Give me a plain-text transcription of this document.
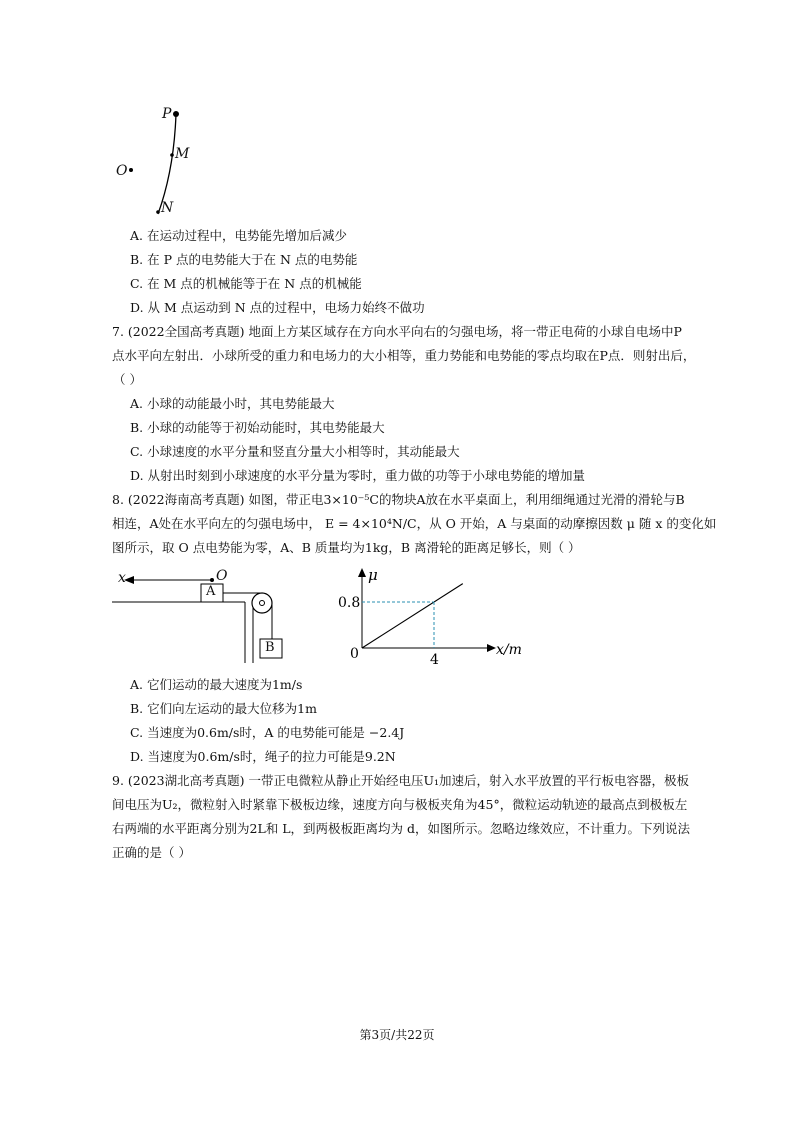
P
M
O
N
A. 在运动过程中，电势能先增加后减少
B. 在 P 点的电势能大于在 N 点的电势能
C. 在 M 点的机械能等于在 N 点的机械能
D. 从 M 点运动到 N 点的过程中，电场力始终不做功
7. (2022全国高考真题) 地面上方某区域存在方向水平向右的匀强电场，将一带正电荷的小球自电场中P
点水平向左射出．小球所受的重力和电场力的大小相等，重力势能和电势能的零点均取在P点．则射出后，
（ ）
A. 小球的动能最小时，其电势能最大
B. 小球的动能等于初始动能时，其电势能最大
C. 小球速度的水平分量和竖直分量大小相等时，其动能最大
D. 从射出时刻到小球速度的水平分量为零时，重力做的功等于小球电势能的增加量
8. (2022海南高考真题) 如图，带正电3×10⁻⁵C的物块A放在水平桌面上，利用细绳通过光滑的滑轮与B
相连，A处在水平向左的匀强电场中， E = 4×10⁴N/C，从 O 开始，A 与桌面的动摩擦因数 μ 随 x 的变化如
图所示，取 O 点电势能为零，A、B 质量均为1kg，B 离滑轮的距离足够长，则（ ）
x	O
A
B
μ
0	x/m
0.8
4
A. 它们运动的最大速度为1m/s
B. 它们向左运动的最大位移为1m
C. 当速度为0.6m/s时，A 的电势能可能是 −2.4J
D. 当速度为0.6m/s时，绳子的拉力可能是9.2N
9. (2023湖北高考真题) 一带正电微粒从静止开始经电压U₁加速后，射入水平放置的平行板电容器，极板
间电压为U₂，微粒射入时紧靠下极板边缘，速度方向与极板夹角为45°，微粒运动轨迹的最高点到极板左
右两端的水平距离分别为2L和 L，到两极板距离均为 d，如图所示。忽略边缘效应，不计重力。下列说法
正确的是（ ）
第3页/共22页
